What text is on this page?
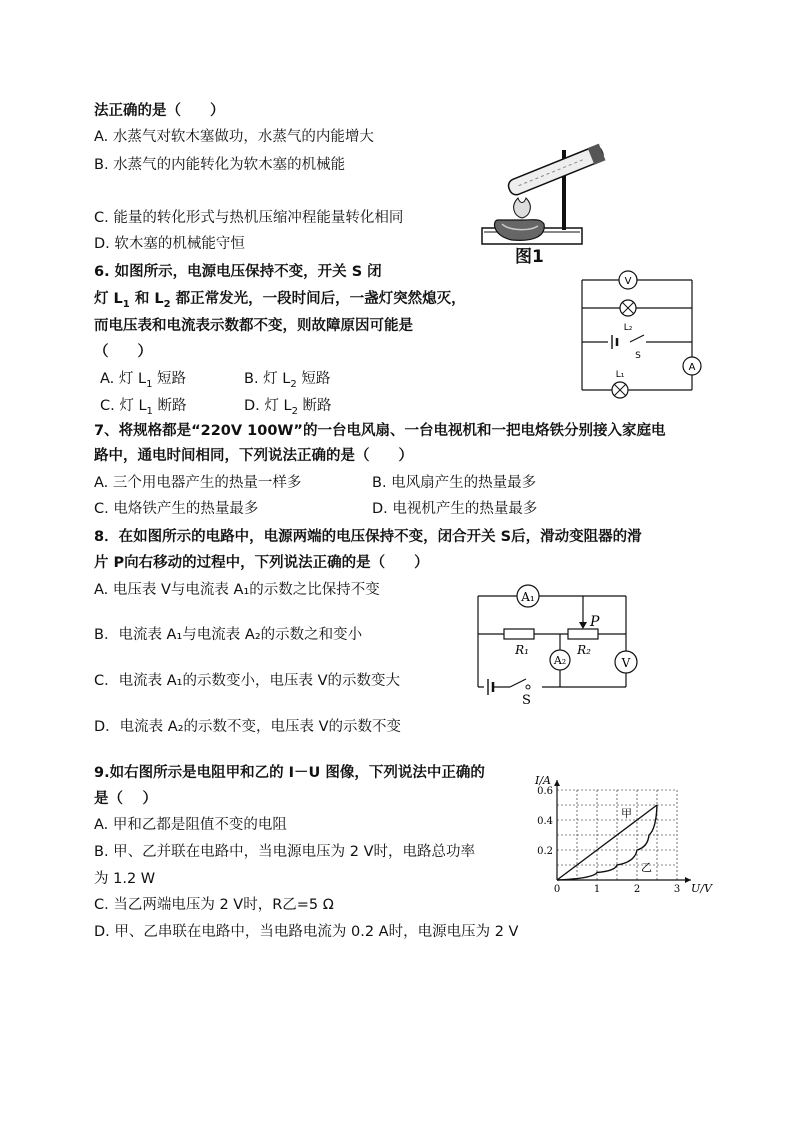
法正确的是（　　）
A. 水蒸气对软木塞做功，水蒸气的内能增大
B. 水蒸气的内能转化为软木塞的机械能
C. 能量的转化形式与热机压缩冲程能量转化相同
D. 软木塞的机械能守恒
图1
6. 如图所示，电源电压保持不变，开关 S 闭
灯 $L_1$ 和 $L_2$ 都正常发光，一段时间后，一盏灯突然熄灭，
而电压表和电流表示数都不变，则故障原因可能是
（　　）
A. 灯 $L_1$ 短路	B. 灯 $L_2$ 短路
C. 灯 $L_1$ 断路	D. 灯 $L_2$ 断路
V
L₂
S
A
L₁
7、将规格都是“220V 100W”的一台电风扇、一台电视机和一把电烙铁分别接入家庭电
路中，通电时间相同，下列说法正确的是（　　）
A. 三个用电器产生的热量一样多	B. 电风扇产生的热量最多
C. 电烙铁产生的热量最多	D. 电视机产生的热量最多
8．在如图所示的电路中，电源两端的电压保持不变，闭合开关 S后，滑动变阻器的滑
片 P向右移动的过程中，下列说法正确的是（　　）
A. 电压表 V与电流表 A₁的示数之比保持不变
B．电流表 A₁与电流表 A₂的示数之和变小
C．电流表 A₁的示数变小，电压表 V的示数变大
D．电流表 A₂的示数不变，电压表 V的示数不变
A₁
R₁
P
R₂
A₂	V
S
9.如右图所示是电阻甲和乙的 I－U 图像，下列说法中正确的
是（　 ）
A. 甲和乙都是阻值不变的电阻
B. 甲、乙并联在电路中，当电源电压为 2 V时，电路总功率
为 1.2 W
C. 当乙两端电压为 2 V时，R乙=5 Ω
D. 甲、乙串联在电路中，当电路电流为 0.2 A时，电源电压为 2 V
甲
乙
0	1	2	3
0.2
0.4
0.6
U/V
I/A
